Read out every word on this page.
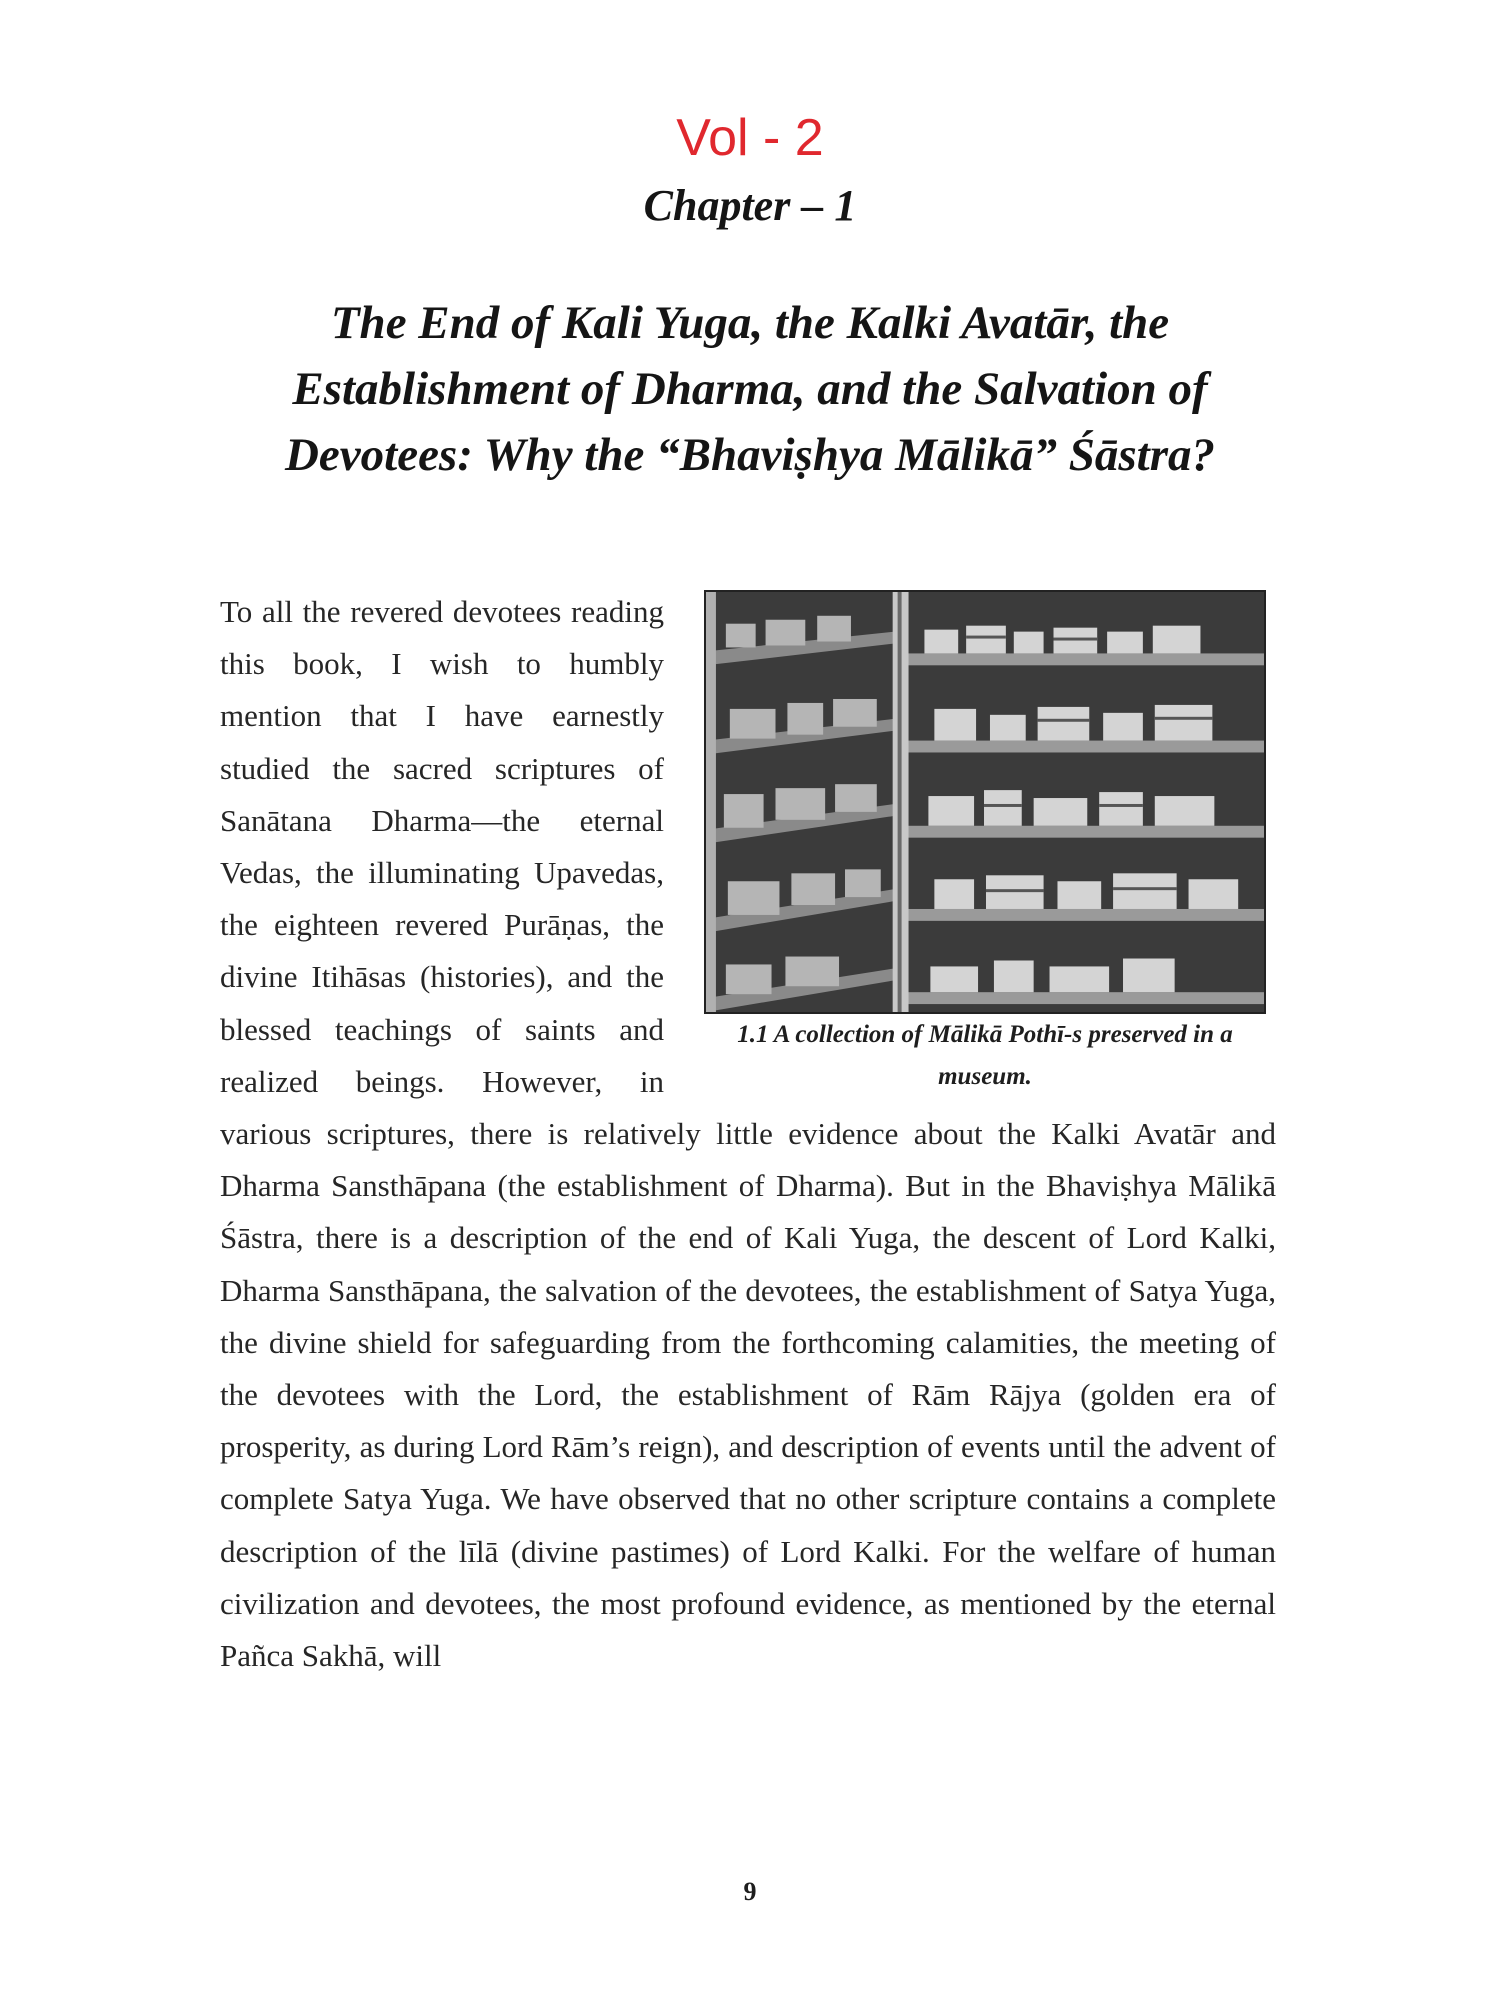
Vol - 2
Chapter – 1
The End of Kali Yuga, the Kalki Avatār, the Establishment of Dharma, and the Salvation of Devotees: Why the “Bhaviṣhya Mālikā” Śāstra?

1.1 A collection of Mālikā Pothī-s preserved in a museum.

To all the revered devotees reading this book, I wish to humbly mention that I have earnestly studied the sacred scriptures of Sanātana Dharma—the eternal Vedas, the illuminating Upavedas, the eighteen revered Purāṇas, the divine Itihāsas (histories), and the blessed teachings of saints and realized beings. However, in various scriptures, there is relatively little evidence about the Kalki Avatār and Dharma Sansthāpana (the establishment of Dharma). But in the Bhaviṣhya Mālikā Śāstra, there is a description of the end of Kali Yuga, the descent of Lord Kalki, Dharma Sansthāpana, the salvation of the devotees, the establishment of Satya Yuga, the divine shield for safeguarding from the forthcoming calamities, the meeting of the devotees with the Lord, the establishment of Rām Rājya (golden era of prosperity, as during Lord Rām’s reign), and description of events until the advent of complete Satya Yuga. We have observed that no other scripture contains a complete description of the līlā (divine pastimes) of Lord Kalki. For the welfare of human civilization and devotees, the most profound evidence, as mentioned by the eternal Pañca Sakhā, will

9
